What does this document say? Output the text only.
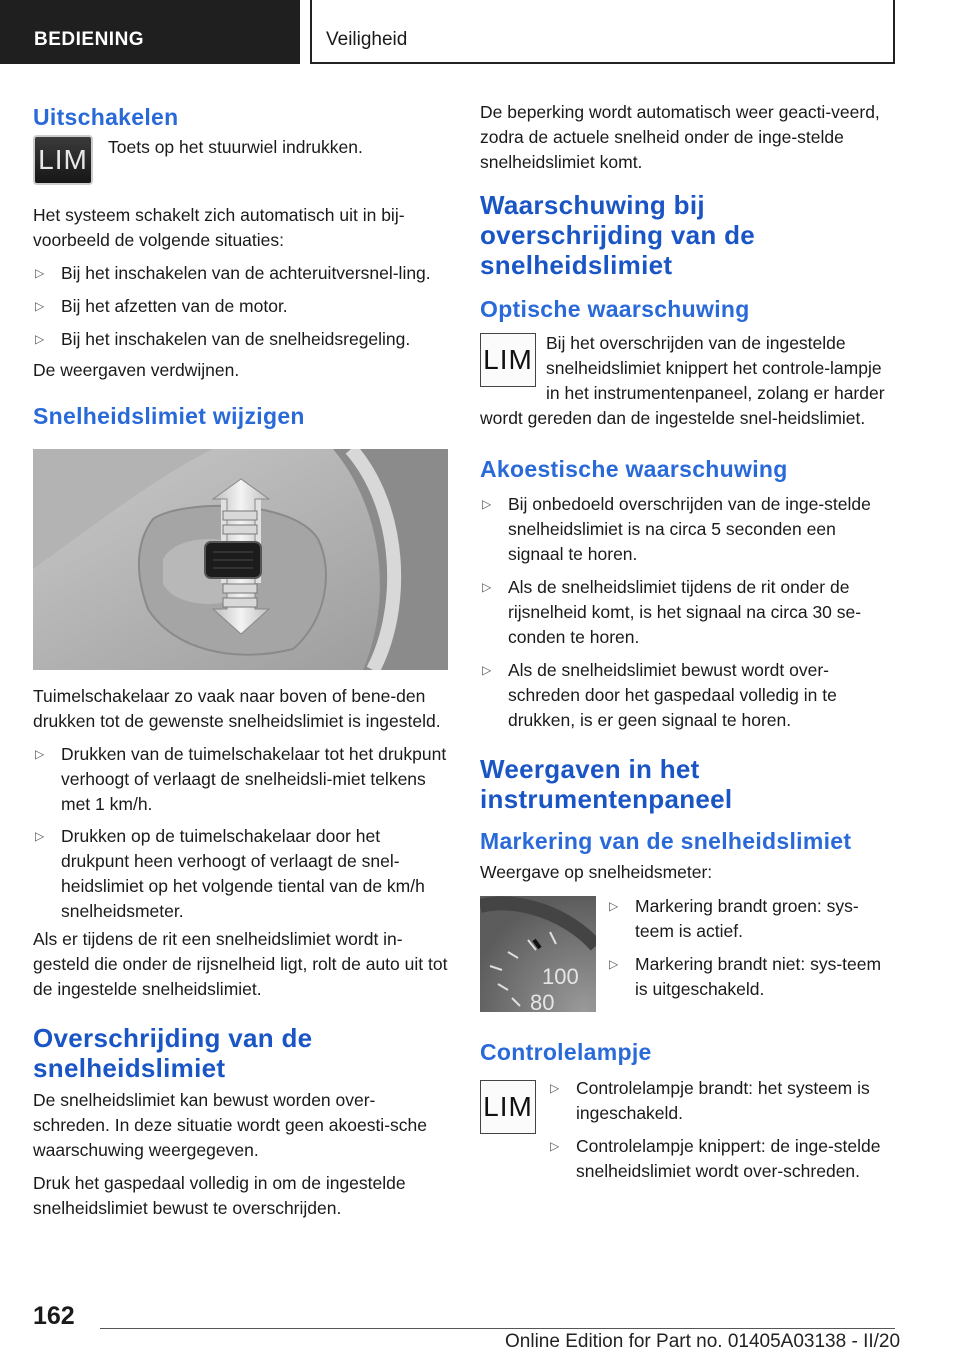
BEDIENING	Veiligheid
Uitschakelen
LIM Toets op het stuurwiel indrukken.

Het systeem schakelt zich automatisch uit in bij-voorbeeld de volgende situaties:

▷ Bij het inschakelen van de achteruitversnel-ling.
▷ Bij het afzetten van de motor.
▷ Bij het inschakelen van de snelheidsregeling.

De weergaven verdwijnen.

Snelheidslimiet wijzigen

Tuimelschakelaar zo vaak naar boven of bene-den drukken tot de gewenste snelheidslimiet is ingesteld.

▷ Drukken van de tuimelschakelaar tot het drukpunt verhoogt of verlaagt de snelheidsli-miet telkens met 1 km/h.
▷ Drukken op de tuimelschakelaar door het drukpunt heen verhoogt of verlaagt de snel-heidslimiet op het volgende tiental van de km/h snelheidsmeter.

Als er tijdens de rit een snelheidslimiet wordt in-gesteld die onder de rijsnelheid ligt, rolt de auto uit tot de ingestelde snelheidslimiet.

Overschrijding van de snelheidslimiet

De snelheidslimiet kan bewust worden over-schreden. In deze situatie wordt geen akoesti-sche waarschuwing weergegeven.

Druk het gaspedaal volledig in om de ingestelde snelheidslimiet bewust te overschrijden.

De beperking wordt automatisch weer geacti-veerd, zodra de actuele snelheid onder de inge-stelde snelheidslimiet komt.

Waarschuwing bij overschrijding van de snelheidslimiet
Optische waarschuwing
LIM

Bij het overschrijden van de ingestelde snelheidslimiet knippert het controle-lampje in het instrumentenpaneel, zolang er harder wordt gereden dan de ingestelde snel-heidslimiet.

Akoestische waarschuwing
▷ Bij onbedoeld overschrijden van de inge-stelde snelheidslimiet is na circa 5 seconden een signaal te horen.
▷ Als de snelheidslimiet tijdens de rit onder de rijsnelheid komt, is het signaal na circa 30 se-conden te horen.
▷ Als de snelheidslimiet bewust wordt over-schreden door het gaspedaal volledig in te drukken, is er geen signaal te horen.
Weergaven in het instrumentenpaneel
Markering van de snelheidslimiet

Weergave op snelheidsmeter:

100
80
▷ Markering brandt groen: sys-teem is actief.
▷ Markering brandt niet: sys-teem is uitgeschakeld.
Controlelampje
LIM
▷ Controlelampje brandt: het systeem is ingeschakeld.
▷ Controlelampje knippert: de inge-stelde snelheidslimiet wordt over-schreden.
162
Online Edition for Part no. 01405A03138 - II/20
